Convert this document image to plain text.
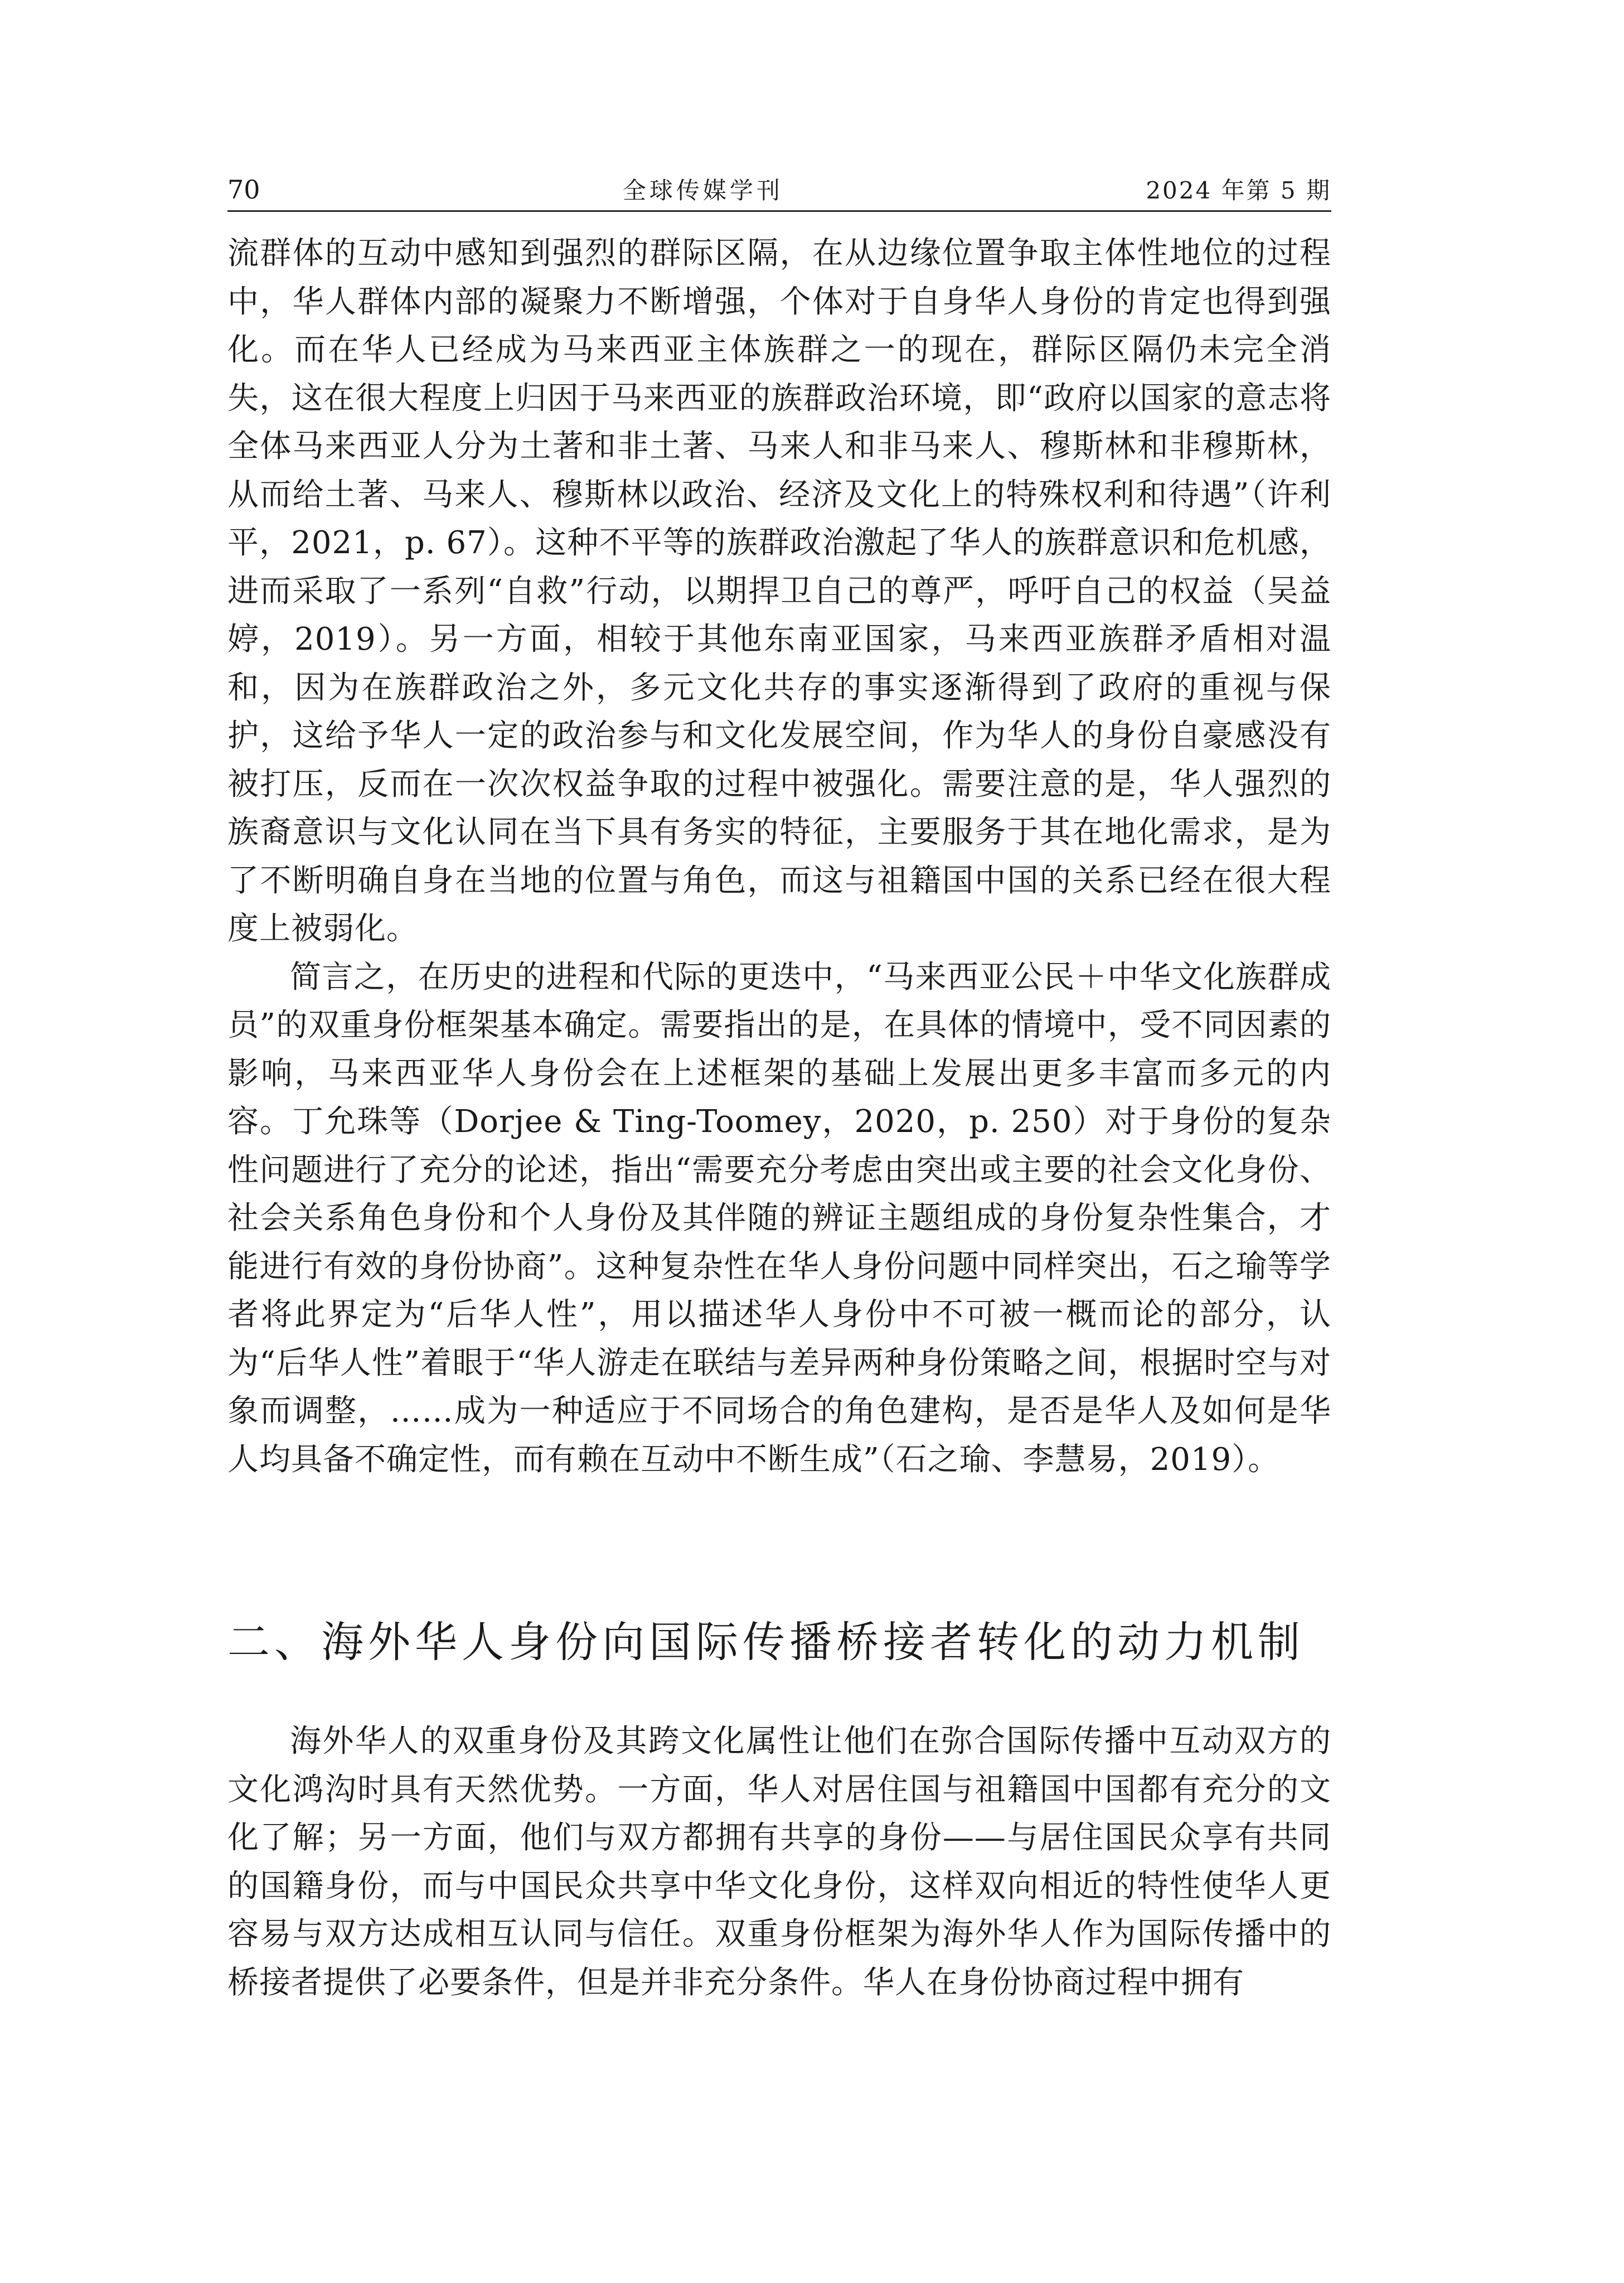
70	全球传媒学刊	2024 年第 5 期

流群体的互动中感知到强烈的群际区隔，在从边缘位置争取主体性地位的过程中，华人群体内部的凝聚力不断增强，个体对于自身华人身份的肯定也得到强化。而在华人已经成为马来西亚主体族群之一的现在，群际区隔仍未完全消失，这在很大程度上归因于马来西亚的族群政治环境，即“政府以国家的意志将全体马来西亚人分为土著和非土著、马来人和非马来人、穆斯林和非穆斯林，从而给土著、马来人、穆斯林以政治、经济及文化上的特殊权利和待遇”（许利平，2021，p. 67）。这种不平等的族群政治激起了华人的族群意识和危机感，进而采取了一系列“自救”行动，以期捍卫自己的尊严，呼吁自己的权益（吴益婷，2019）。另一方面，相较于其他东南亚国家，马来西亚族群矛盾相对温和，因为在族群政治之外，多元文化共存的事实逐渐得到了政府的重视与保护，这给予华人一定的政治参与和文化发展空间，作为华人的身份自豪感没有被打压，反而在一次次权益争取的过程中被强化。需要注意的是，华人强烈的族裔意识与文化认同在当下具有务实的特征，主要服务于其在地化需求，是为了不断明确自身在当地的位置与角色，而这与祖籍国中国的关系已经在很大程度上被弱化。

简言之，在历史的进程和代际的更迭中，“马来西亚公民＋中华文化族群成员”的双重身份框架基本确定。需要指出的是，在具体的情境中，受不同因素的影响，马来西亚华人身份会在上述框架的基础上发展出更多丰富而多元的内容。丁允珠等（Dorjee & Ting-Toomey，2020，p. 250）对于身份的复杂性问题进行了充分的论述，指出“需要充分考虑由突出或主要的社会文化身份、社会关系角色身份和个人身份及其伴随的辨证主题组成的身份复杂性集合，才能进行有效的身份协商”。这种复杂性在华人身份问题中同样突出，石之瑜等学者将此界定为“后华人性”，用以描述华人身份中不可被一概而论的部分，认为“后华人性”着眼于“华人游走在联结与差异两种身份策略之间，根据时空与对象而调整，……成为一种适应于不同场合的角色建构，是否是华人及如何是华人均具备不确定性，而有赖在互动中不断生成”（石之瑜、李慧易，2019）。

二、海外华人身份向国际传播桥接者转化的动力机制

海外华人的双重身份及其跨文化属性让他们在弥合国际传播中互动双方的文化鸿沟时具有天然优势。一方面，华人对居住国与祖籍国中国都有充分的文化了解；另一方面，他们与双方都拥有共享的身份——与居住国民众享有共同的国籍身份，而与中国民众共享中华文化身份，这样双向相近的特性使华人更容易与双方达成相互认同与信任。双重身份框架为海外华人作为国际传播中的桥接者提供了必要条件，但是并非充分条件。华人在身份协商过程中拥有
